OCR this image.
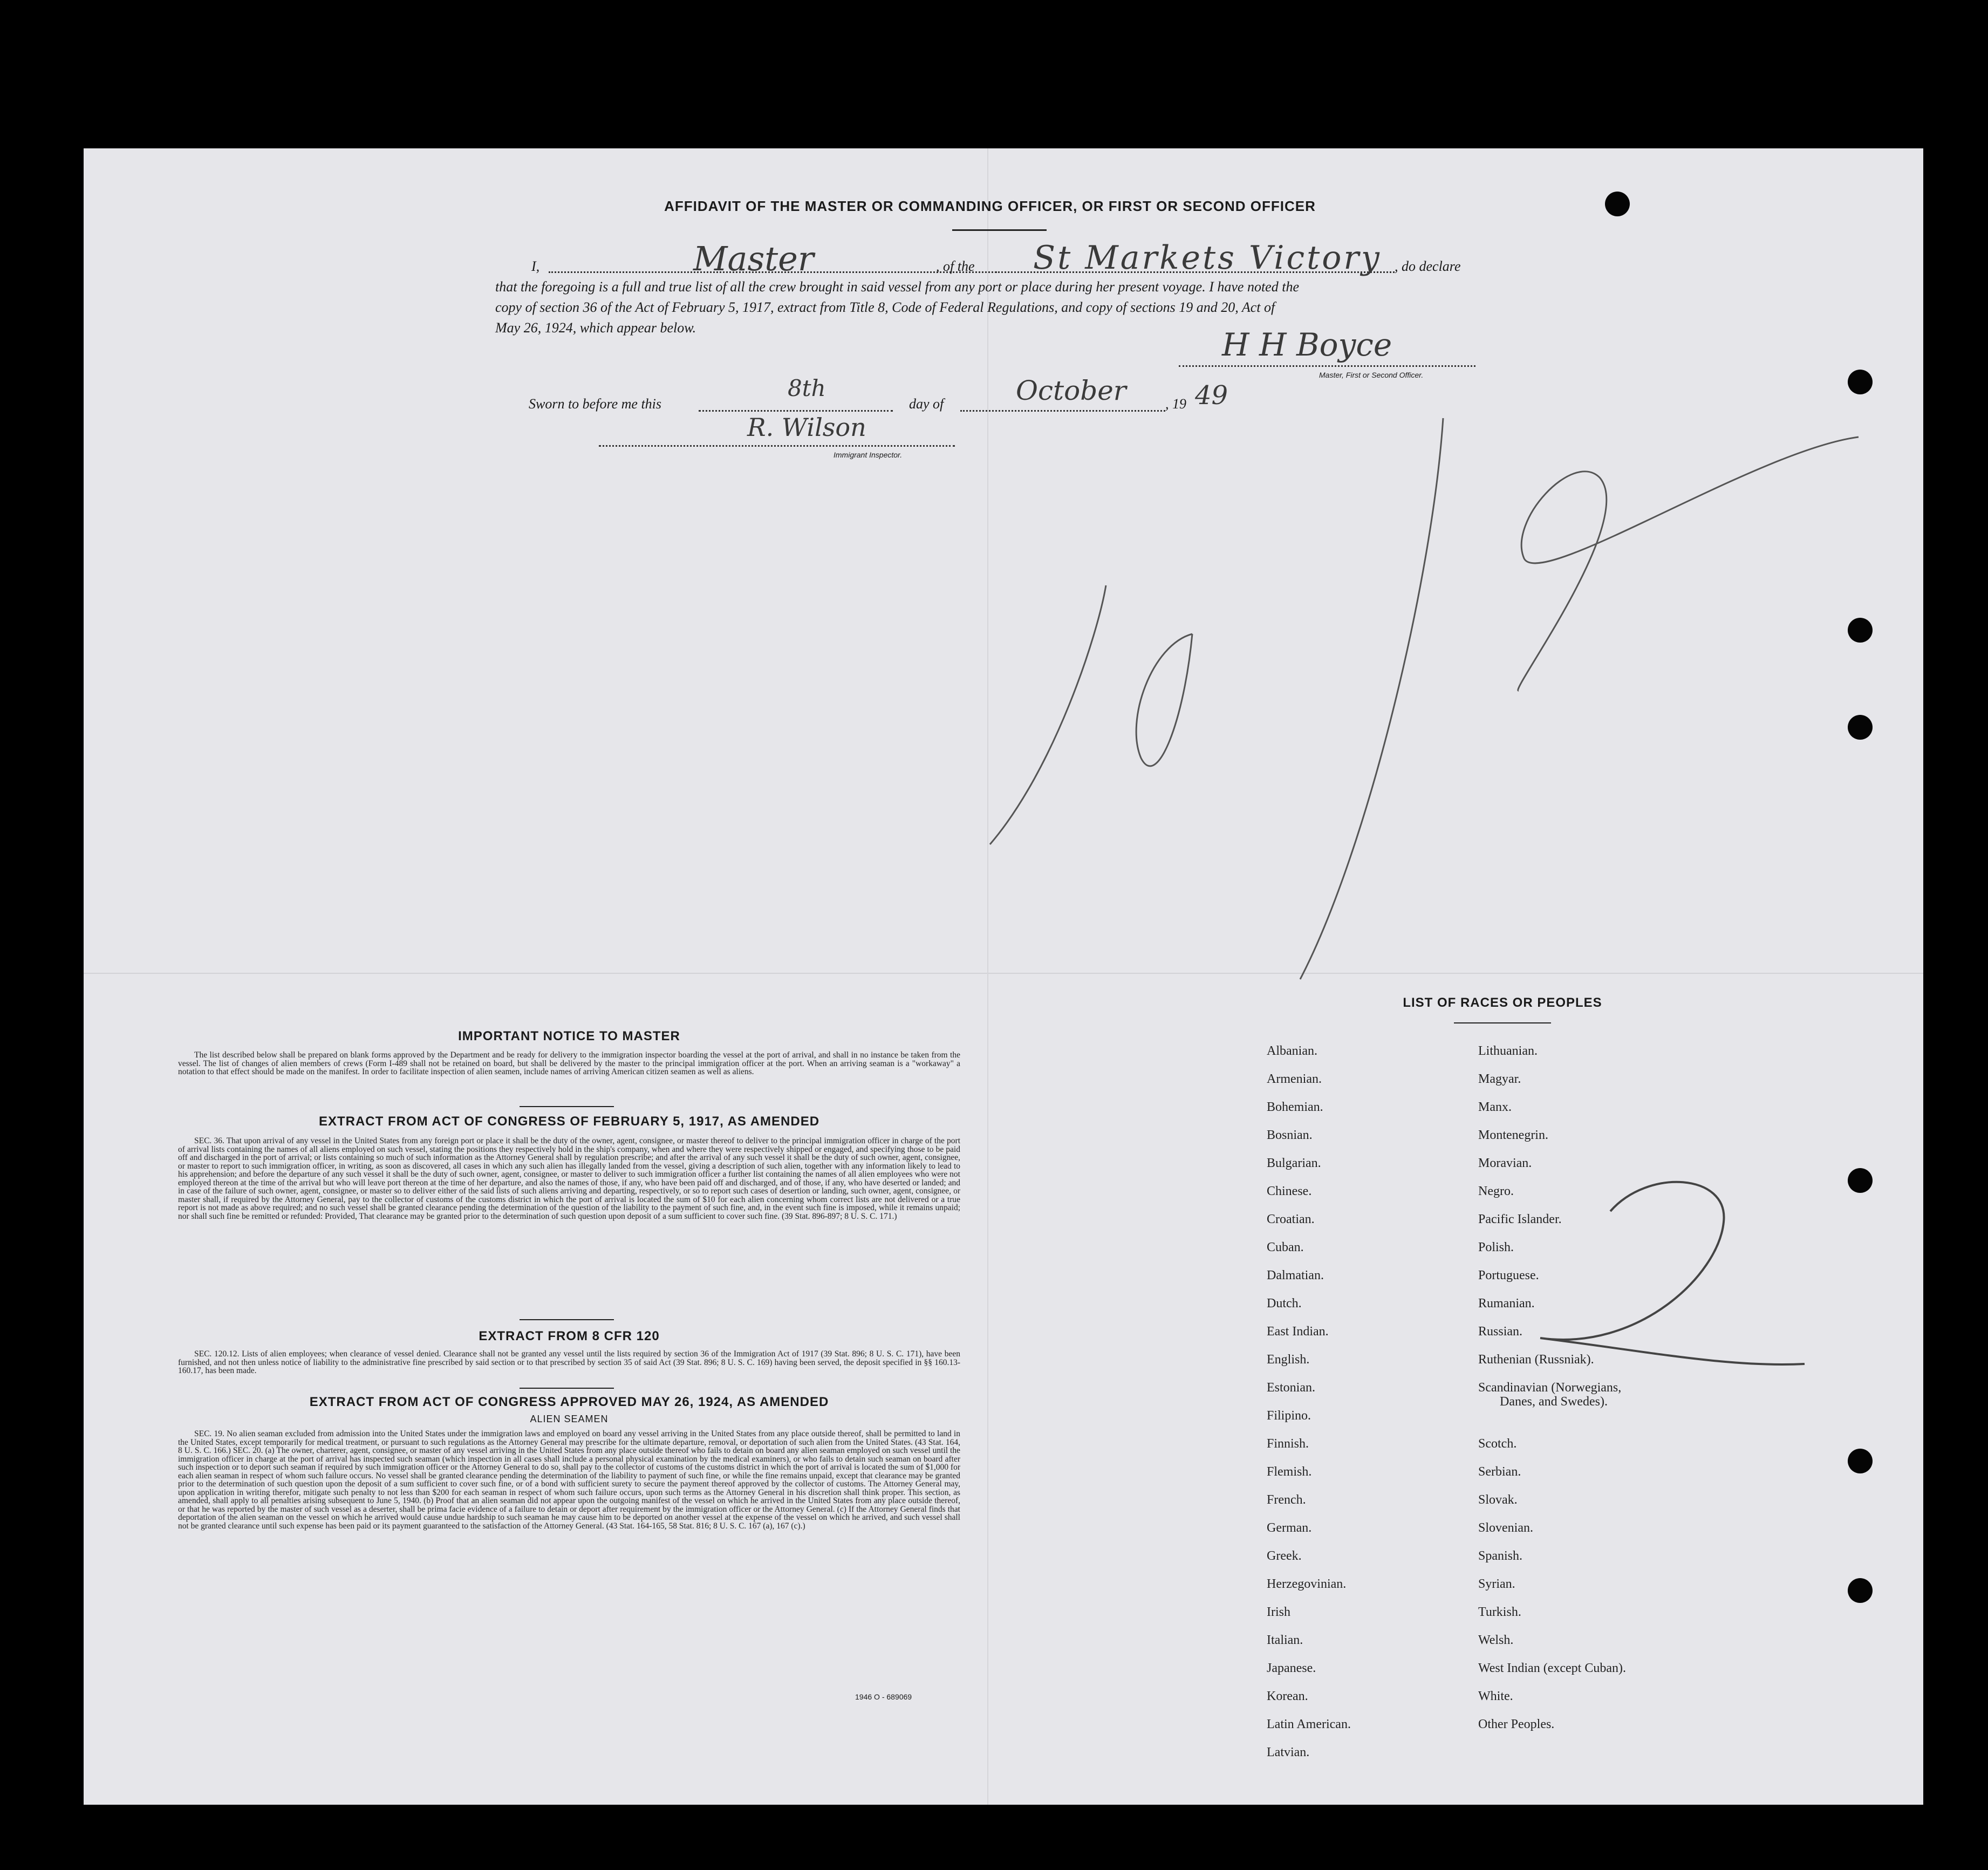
AFFIDAVIT OF THE MASTER OR COMMANDING OFFICER, OR FIRST OR SECOND OFFICER
I,	Master	, of the St Markets Victory , do declare
that the foregoing is a full and true list of all the crew brought in said vessel from any port or place during her present voyage. I have noted the
copy of section 36 of the Act of February 5, 1917, extract from Title 8, Code of Federal Regulations, and copy of sections 19 and 20, Act of
May 26, 1924, which appear below.	H H Boyce
Master, First or Second Officer.
Sworn to before me this
8th
day of	October	, 19 49
R. Wilson
Immigrant Inspector.
IMPORTANT NOTICE TO MASTER
The list described below shall be prepared on blank forms approved by the Department and be ready for delivery to the immigration inspector boarding the vessel at the port of arrival, and shall in no instance be taken from the vessel. The list of changes of alien members of crews (Form I-489 shall not be retained on board, but shall be delivered by the master to the principal immigration officer at the port. When an arriving seaman is a "workaway" a notation to that effect should be made on the manifest. In order to facilitate inspection of alien seamen, include names of arriving American citizen seamen as well as aliens.
EXTRACT FROM ACT OF CONGRESS OF FEBRUARY 5, 1917, AS AMENDED
SEC. 36. That upon arrival of any vessel in the United States from any foreign port or place it shall be the duty of the owner, agent, consignee, or master thereof to deliver to the principal immigration officer in charge of the port of arrival lists containing the names of all aliens employed on such vessel, stating the positions they respectively hold in the ship's company, when and where they were respectively shipped or engaged, and specifying those to be paid off and discharged in the port of arrival; or lists containing so much of such information as the Attorney General shall by regulation prescribe; and after the arrival of any such vessel it shall be the duty of such owner, agent, consignee, or master to report to such immigration officer, in writing, as soon as discovered, all cases in which any such alien has illegally landed from the vessel, giving a description of such alien, together with any information likely to lead to his apprehension; and before the departure of any such vessel it shall be the duty of such owner, agent, consignee, or master to deliver to such immigration officer a further list containing the names of all alien employees who were not employed thereon at the time of the arrival but who will leave port thereon at the time of her departure, and also the names of those, if any, who have been paid off and discharged, and of those, if any, who have deserted or landed; and in case of the failure of such owner, agent, consignee, or master so to deliver either of the said lists of such aliens arriving and departing, respectively, or so to report such cases of desertion or landing, such owner, agent, consignee, or master shall, if required by the Attorney General, pay to the collector of customs of the customs district in which the port of arrival is located the sum of $10 for each alien concerning whom correct lists are not delivered or a true report is not made as above required; and no such vessel shall be granted clearance pending the determination of the question of the liability to the payment of such fine, and, in the event such fine is imposed, while it remains unpaid; nor shall such fine be remitted or refunded: Provided, That clearance may be granted prior to the determination of such question upon deposit of a sum sufficient to cover such fine. (39 Stat. 896-897; 8 U. S. C. 171.)
EXTRACT FROM 8 CFR 120
SEC. 120.12. Lists of alien employees; when clearance of vessel denied. Clearance shall not be granted any vessel until the lists required by section 36 of the Immigration Act of 1917 (39 Stat. 896; 8 U. S. C. 171), have been furnished, and not then unless notice of liability to the administrative fine prescribed by said section or to that prescribed by section 35 of said Act (39 Stat. 896; 8 U. S. C. 169) having been served, the deposit specified in §§ 160.13-160.17, has been made.
EXTRACT FROM ACT OF CONGRESS APPROVED MAY 26, 1924, AS AMENDED
ALIEN SEAMEN
SEC. 19. No alien seaman excluded from admission into the United States under the immigration laws and employed on board any vessel arriving in the United States from any place outside thereof, shall be permitted to land in the United States, except temporarily for medical treatment, or pursuant to such regulations as the Attorney General may prescribe for the ultimate departure, removal, or deportation of such alien from the United States. (43 Stat. 164, 8 U. S. C. 166.) SEC. 20. (a) The owner, charterer, agent, consignee, or master of any vessel arriving in the United States from any place outside thereof who fails to detain on board any alien seaman employed on such vessel until the immigration officer in charge at the port of arrival has inspected such seaman (which inspection in all cases shall include a personal physical examination by the medical examiners), or who fails to detain such seaman on board after such inspection or to deport such seaman if required by such immigration officer or the Attorney General to do so, shall pay to the collector of customs of the customs district in which the port of arrival is located the sum of $1,000 for each alien seaman in respect of whom such failure occurs. No vessel shall be granted clearance pending the determination of the liability to payment of such fine, or while the fine remains unpaid, except that clearance may be granted prior to the determination of such question upon the deposit of a sum sufficient to cover such fine, or of a bond with sufficient surety to secure the payment thereof approved by the collector of customs. The Attorney General may, upon application in writing therefor, mitigate such penalty to not less than $200 for each seaman in respect of whom such failure occurs, upon such terms as the Attorney General in his discretion shall think proper. This section, as amended, shall apply to all penalties arising subsequent to June 5, 1940. (b) Proof that an alien seaman did not appear upon the outgoing manifest of the vessel on which he arrived in the United States from any place outside thereof, or that he was reported by the master of such vessel as a deserter, shall be prima facie evidence of a failure to detain or deport after requirement by the immigration officer or the Attorney General. (c) If the Attorney General finds that deportation of the alien seaman on the vessel on which he arrived would cause undue hardship to such seaman he may cause him to be deported on another vessel at the expense of the vessel on which he arrived, and such vessel shall not be granted clearance until such expense has been paid or its payment guaranteed to the satisfaction of the Attorney General. (43 Stat. 164-165, 58 Stat. 816; 8 U. S. C. 167 (a), 167 (c).)
1946 O - 689069
LIST OF RACES OR PEOPLES
Albanian.
Armenian.
Bohemian.
Bosnian.
Bulgarian.
Chinese.
Croatian.
Cuban.
Dalmatian.
Dutch.
East Indian.
English.
Estonian.
Filipino.
Finnish.
Flemish.
French.
German.
Greek.
Herzegovinian.
Irish
Italian.
Japanese.
Korean.
Latin American.
Latvian.
Lithuanian.
Magyar.
Manx.
Montenegrin.
Moravian.
Negro.
Pacific Islander.
Polish.
Portuguese.
Rumanian.
Russian.
Ruthenian (Russniak).
Scandinavian (Norwegians,
Danes, and Swedes).
Scotch.
Serbian.
Slovak.
Slovenian.
Spanish.
Syrian.
Turkish.
Welsh.
West Indian (except Cuban).
White.
Other Peoples.
